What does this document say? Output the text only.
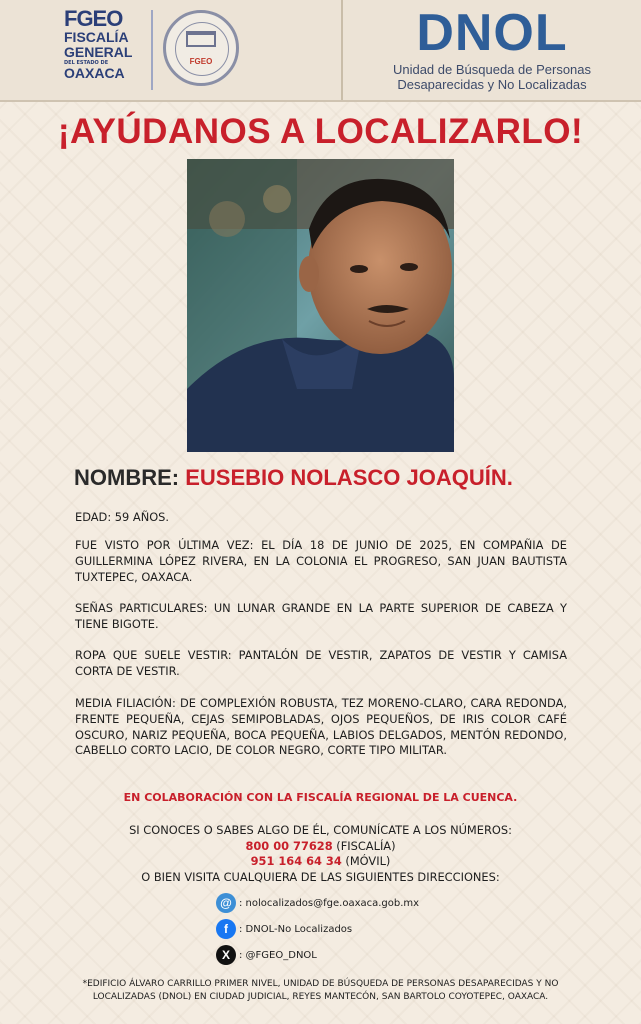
FGEO
FISCALÍA
GENERAL
DEL ESTADO DE
OAXACA
FGEO	DNOL
Unidad de Búsqueda de Personas
Desaparecidas y No Localizadas
¡AYÚDANOS A LOCALIZARLO!
NOMBRE: EUSEBIO NOLASCO JOAQUÍN.
EDAD: 59 AÑOS.
FUE VISTO POR ÚLTIMA VEZ: EL DÍA 18 DE JUNIO DE 2025, EN COMPAÑIA DE GUILLERMINA LÓPEZ RIVERA, EN LA COLONIA EL PROGRESO, SAN JUAN BAUTISTA TUXTEPEC, OAXACA.
SEÑAS PARTICULARES: UN LUNAR GRANDE EN LA PARTE SUPERIOR DE CABEZA Y TIENE BIGOTE.
ROPA QUE SUELE VESTIR: PANTALÓN DE VESTIR, ZAPATOS DE VESTIR Y CAMISA CORTA DE VESTIR.
MEDIA FILIACIÓN: DE COMPLEXIÓN ROBUSTA, TEZ MORENO-CLARO, CARA REDONDA, FRENTE PEQUEÑA, CEJAS SEMIPOBLADAS, OJOS PEQUEÑOS, DE IRIS COLOR CAFÉ OSCURO, NARIZ PEQUEÑA, BOCA PEQUEÑA, LABIOS DELGADOS, MENTÓN REDONDO, CABELLO CORTO LACIO, DE COLOR NEGRO, CORTE TIPO MILITAR.
EN COLABORACIÓN CON LA FISCALÍA REGIONAL DE LA CUENCA.
SI CONOCES O SABES ALGO DE ÉL, COMUNÍCATE A LOS NÚMEROS:
800 00 77628 (FISCALÍA)
951 164 64 34 (MÓVIL)
O BIEN VISITA CUALQUIERA DE LAS SIGUIENTES DIRECCIONES:
@ : nolocalizados@fge.oaxaca.gob.mx
f	: DNOL-No Localizados
X : @FGEO_DNOL
*EDIFICIO ÁLVARO CARRILLO PRIMER NIVEL, UNIDAD DE BÚSQUEDA DE PERSONAS DESAPARECIDAS Y NO LOCALIZADAS (DNOL) EN CIUDAD JUDICIAL, REYES MANTECÓN, SAN BARTOLO COYOTEPEC, OAXACA.
